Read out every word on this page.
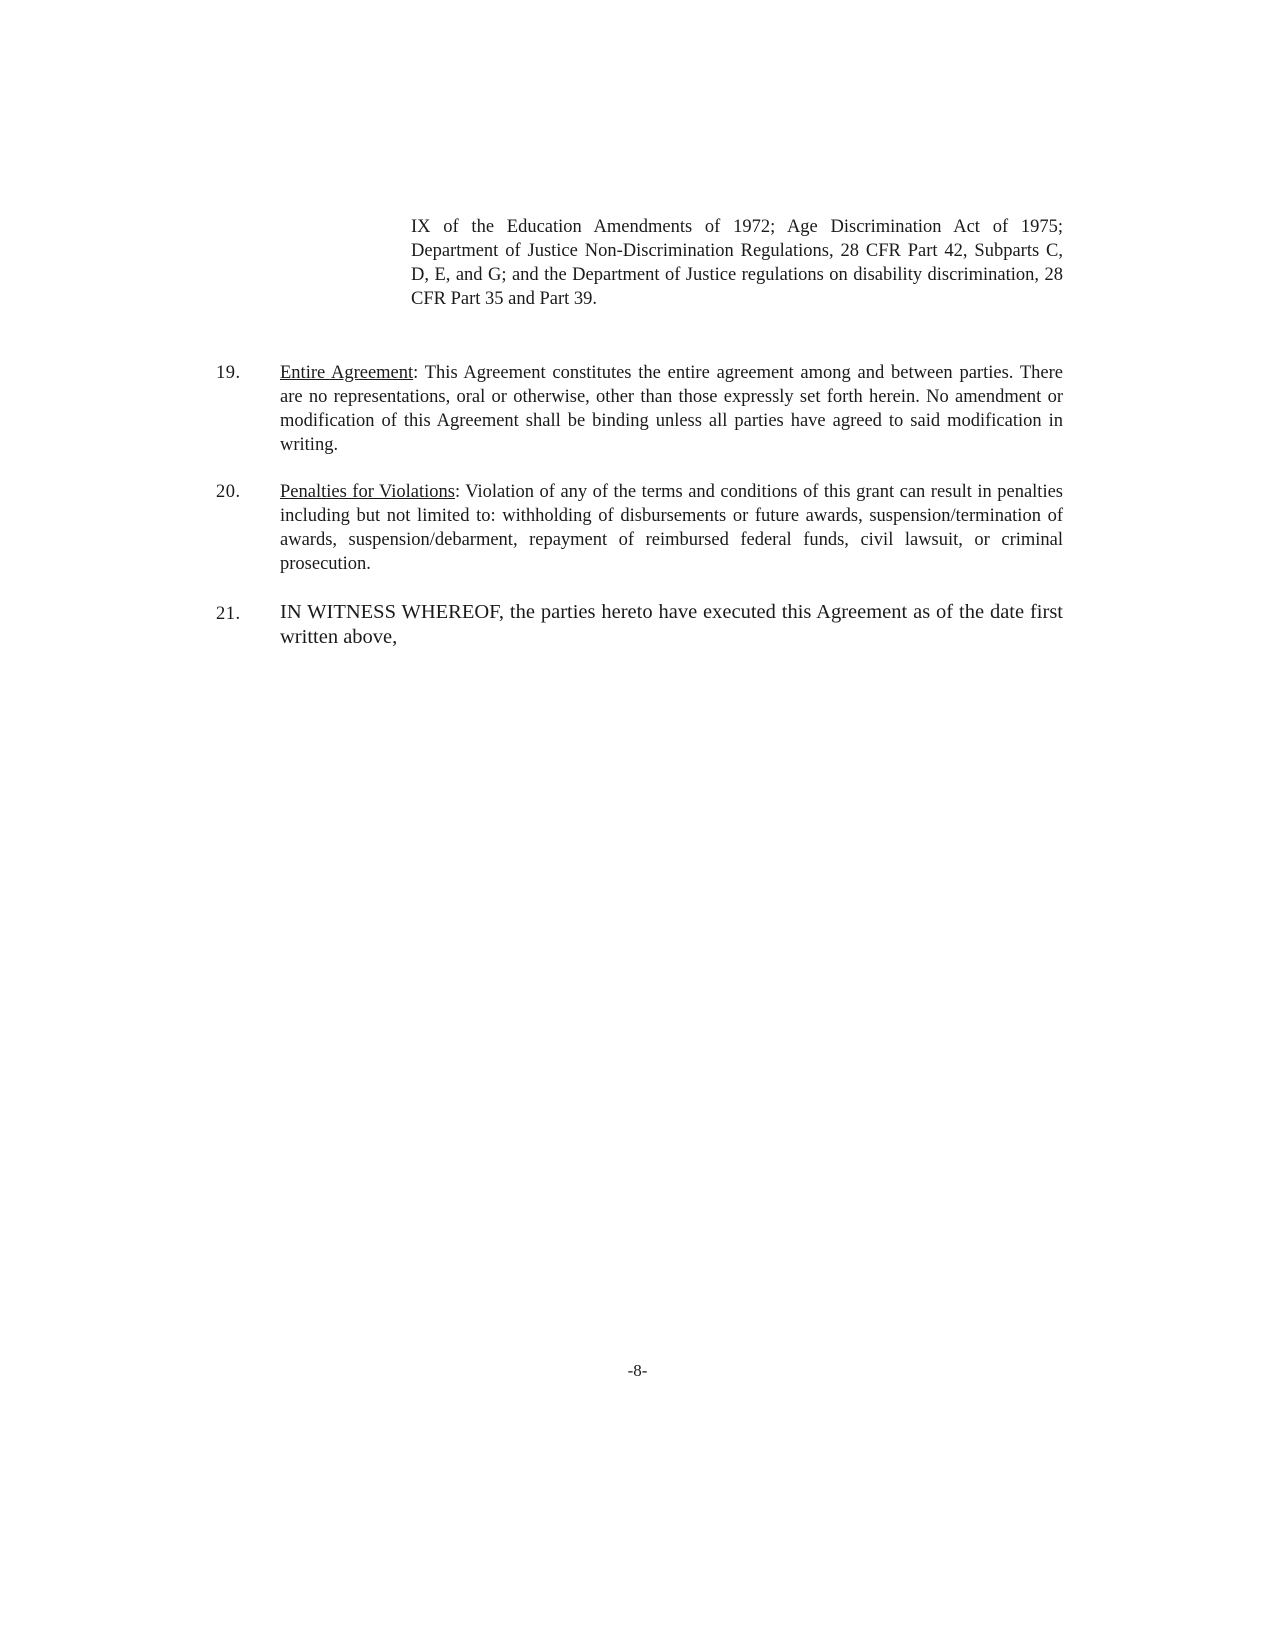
IX of the Education Amendments of 1972; Age Discrimination Act of 1975; Department of Justice Non-Discrimination Regulations, 28 CFR Part 42, Subparts C, D, E, and G; and the Department of Justice regulations on disability discrimination, 28 CFR Part 35 and Part 39.

19. Entire Agreement: This Agreement constitutes the entire agreement among and between parties. There are no representations, oral or otherwise, other than those expressly set forth herein. No amendment or modification of this Agreement shall be binding unless all parties have agreed to said modification in writing.

20. Penalties for Violations: Violation of any of the terms and conditions of this grant can result in penalties including but not limited to: withholding of disbursements or future awards, suspension/termination of awards, suspension/debarment, repayment of reimbursed federal funds, civil lawsuit, or criminal prosecution.

21. IN WITNESS WHEREOF, the parties hereto have executed this Agreement as of the date first written above,

-8-
